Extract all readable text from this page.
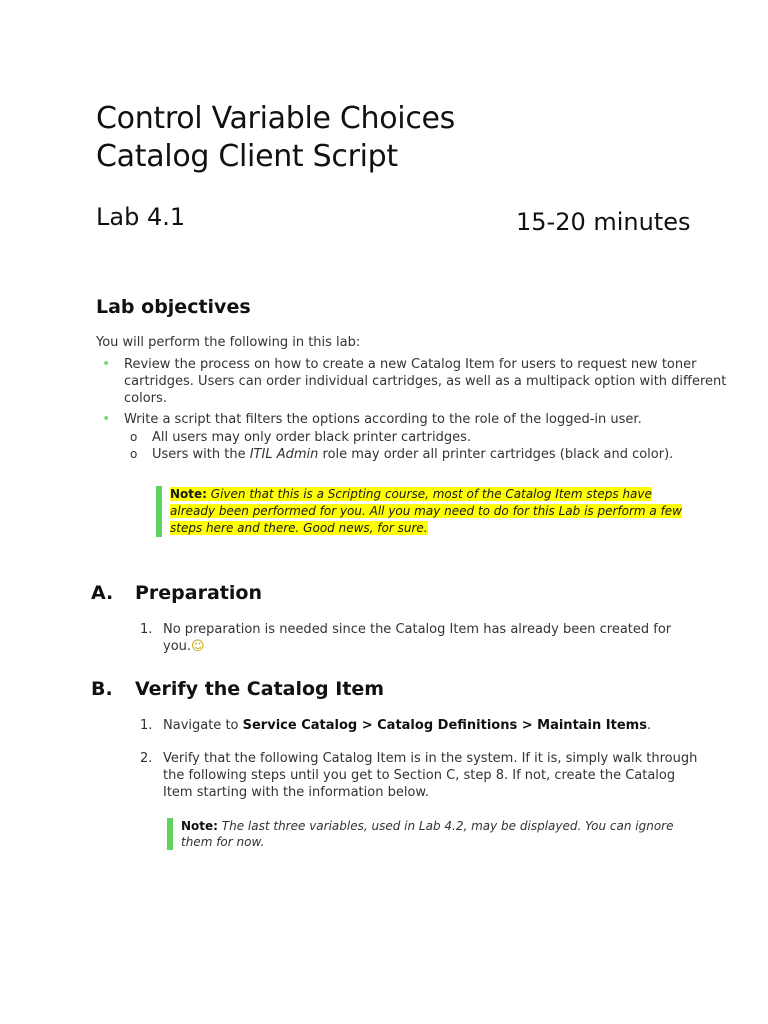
Control Variable Choices
Catalog Client Script
Lab 4.1	15-20 minutes
Lab objectives
You will perform the following in this lab:
• Review the process on how to create a new Catalog Item for users to request new toner cartridges. Users can order individual cartridges, as well as a multipack option with different colors.
• Write a script that filters the options according to the role of the logged-in user.
o All users may only order black printer cartridges.
o Users with the ITIL Admin role may order all printer cartridges (black and color).
Note: Given that this is a Scripting course, most of the Catalog Item steps have already been performed for you. All you may need to do for this Lab is perform a few steps here and there. Good news, for sure.
A. Preparation
1. No preparation is needed since the Catalog Item has already been created for you.☺
B. Verify the Catalog Item
1. Navigate to Service Catalog > Catalog Definitions > Maintain Items.
2. Verify that the following Catalog Item is in the system. If it is, simply walk through the following steps until you get to Section C, step 8. If not, create the Catalog Item starting with the information below.
Note: The last three variables, used in Lab 4.2, may be displayed. You can ignore them for now.
